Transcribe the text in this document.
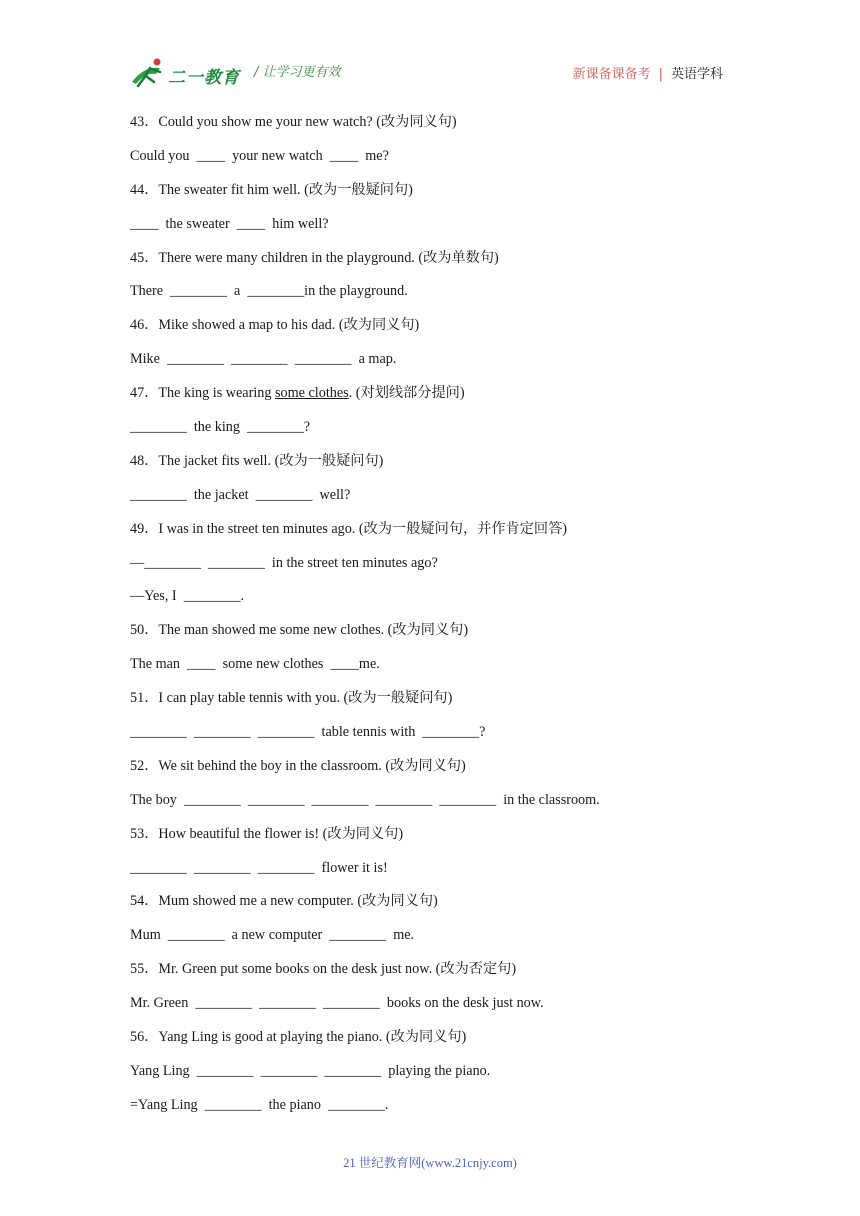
二一教育 / 让学习更有效	新课备课备考 | 英语学科
43．Could you show me your new watch? (改为同义句)
Could you  ____  your new watch  ____  me?
44．The sweater fit him well. (改为一般疑问句)
____  the sweater  ____  him well?
45．There were many children in the playground. (改为单数句)
There  ________  a  ________in the playground.
46．Mike showed a map to his dad. (改为同义句)
Mike  ________  ________  ________  a map.
47．The king is wearing some clothes. (对划线部分提问)
________  the king  ________?
48．The jacket fits well. (改为一般疑问句)
________  the jacket  ________  well?
49．I was in the street ten minutes ago. (改为一般疑问句，并作肯定回答)
—________  ________  in the street ten minutes ago?
—Yes, I  ________.
50．The man showed me some new clothes. (改为同义句)
The man  ____  some new clothes  ____me.
51．I can play table tennis with you. (改为一般疑问句)
________  ________  ________  table tennis with  ________?
52．We sit behind the boy in the classroom. (改为同义句)
The boy  ________  ________  ________  ________  ________  in the classroom.
53．How beautiful the flower is! (改为同义句)
________  ________  ________  flower it is!
54．Mum showed me a new computer. (改为同义句)
Mum  ________  a new computer  ________  me.
55．Mr. Green put some books on the desk just now. (改为否定句)
Mr. Green  ________  ________  ________  books on the desk just now.
56．Yang Ling is good at playing the piano. (改为同义句)
Yang Ling  ________  ________  ________  playing the piano.
=Yang Ling  ________  the piano  ________.
21 世纪教育网(www.21cnjy.com)
